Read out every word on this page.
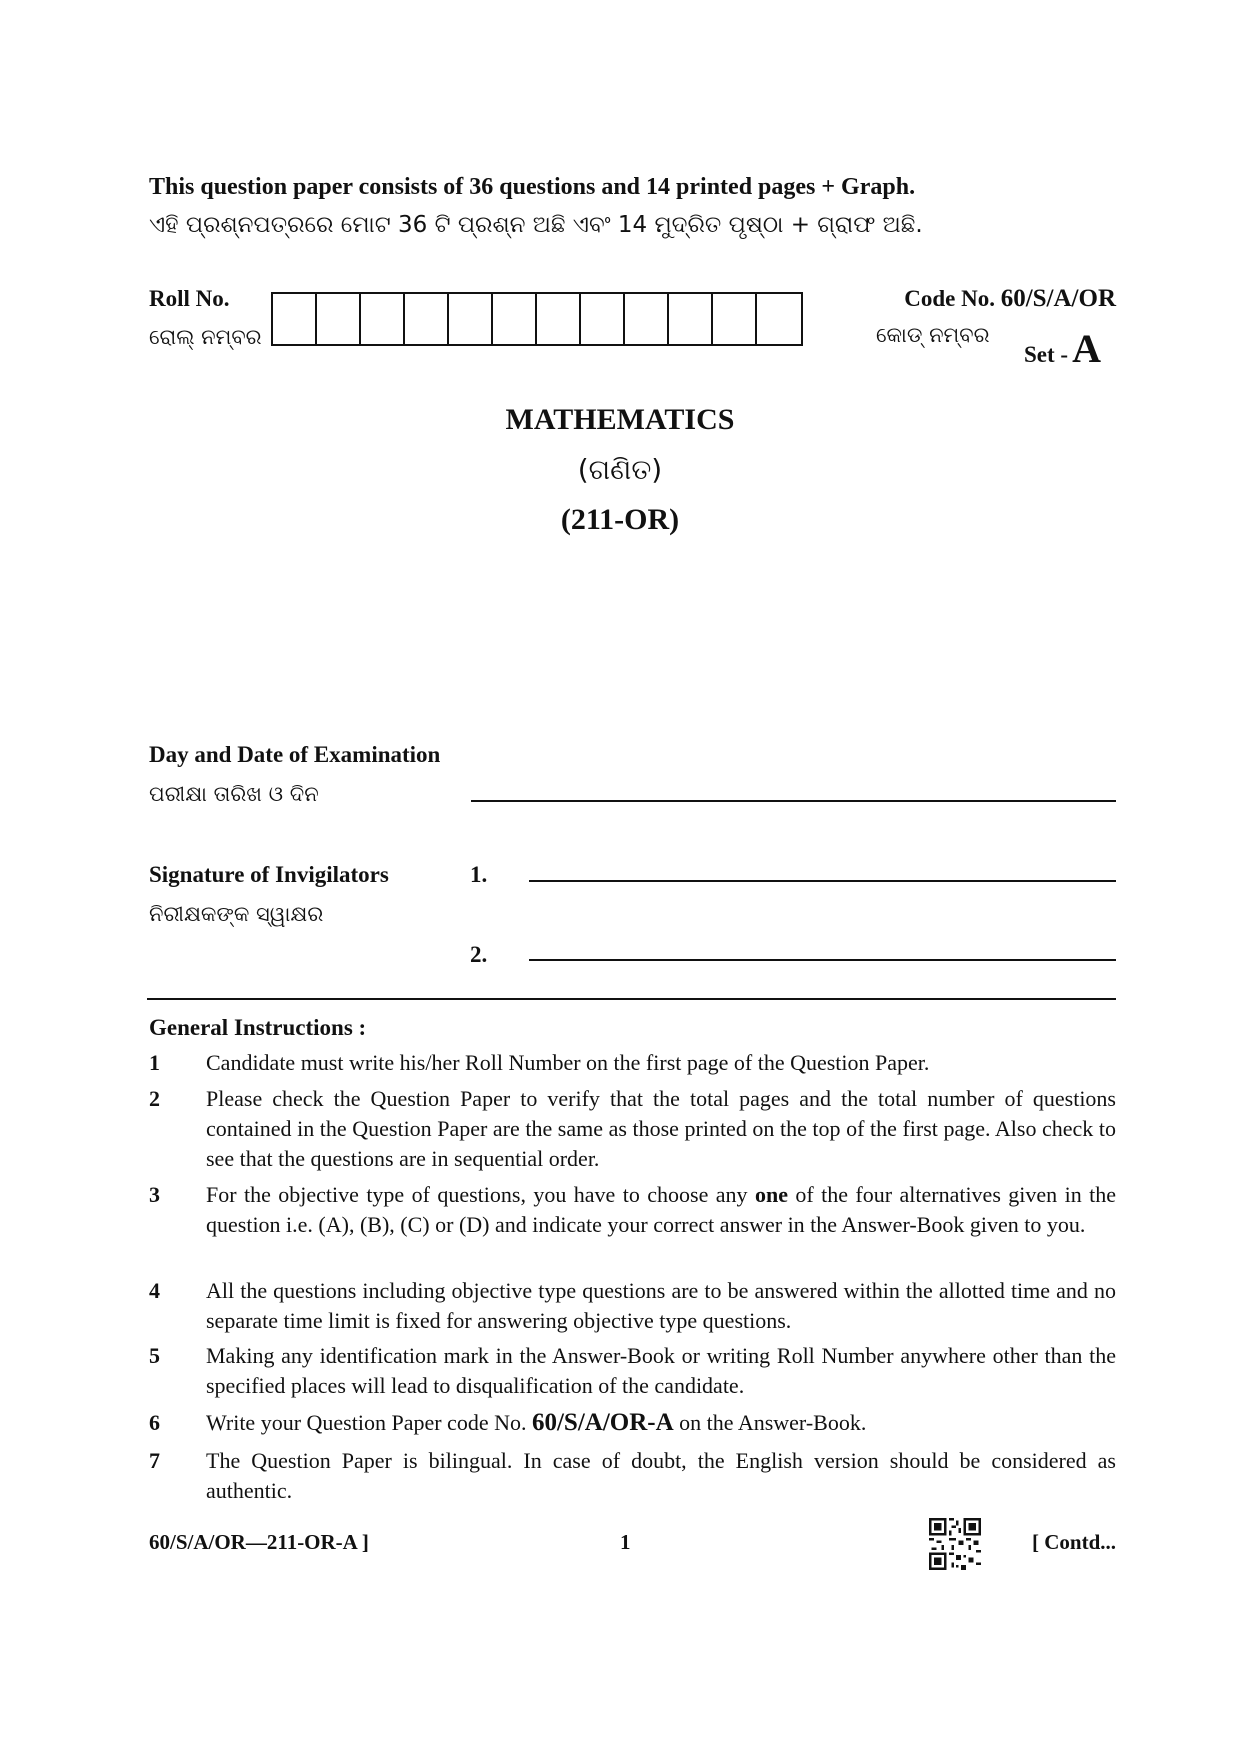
This question paper consists of 36 questions and 14 printed pages + Graph.
ଏହି ପ୍ରଶ୍ନପତ୍ରରେ ମୋଟ 36 ଟି ପ୍ରଶ୍ନ ଅଛି ଏବଂ 14 ମୁଦ୍ରିତ ପୃଷ୍ଠା + ଗ୍ରାଫ ଅଛି.
Roll No.
ରୋଲ୍ ନମ୍ବର
Code No. 60/S/A/OR
କୋଡ୍ ନମ୍ବର
Set - A
MATHEMATICS
(ଗଣିତ)
(211-OR)
Day and Date of Examination
ପରୀକ୍ଷା ତାରିଖ ଓ ଦିନ
Signature of Invigilators
ନିରୀକ୍ଷକଙ୍କ ସ୍ୱାକ୍ଷର
1.
2.
General Instructions :
1 Candidate must write his/her Roll Number on the first page of the Question Paper.
2 Please check the Question Paper to verify that the total pages and the total number of questions contained in the Question Paper are the same as those printed on the top of the first page. Also check to see that the questions are in sequential order.
3 For the objective type of questions, you have to choose any one of the four alternatives given in the question i.e. (A), (B), (C) or (D) and indicate your correct answer in the Answer-Book given to you.
4 All the questions including objective type questions are to be answered within the allotted time and no separate time limit is fixed for answering objective type questions.
5 Making any identification mark in the Answer-Book or writing Roll Number anywhere other than the specified places will lead to disqualification of the candidate.
6 Write your Question Paper code No. 60/S/A/OR-A on the Answer-Book.
7 The Question Paper is bilingual. In case of doubt, the English version should be considered as authentic.
60/S/A/OR—211-OR-A ]	1	[ Contd...
